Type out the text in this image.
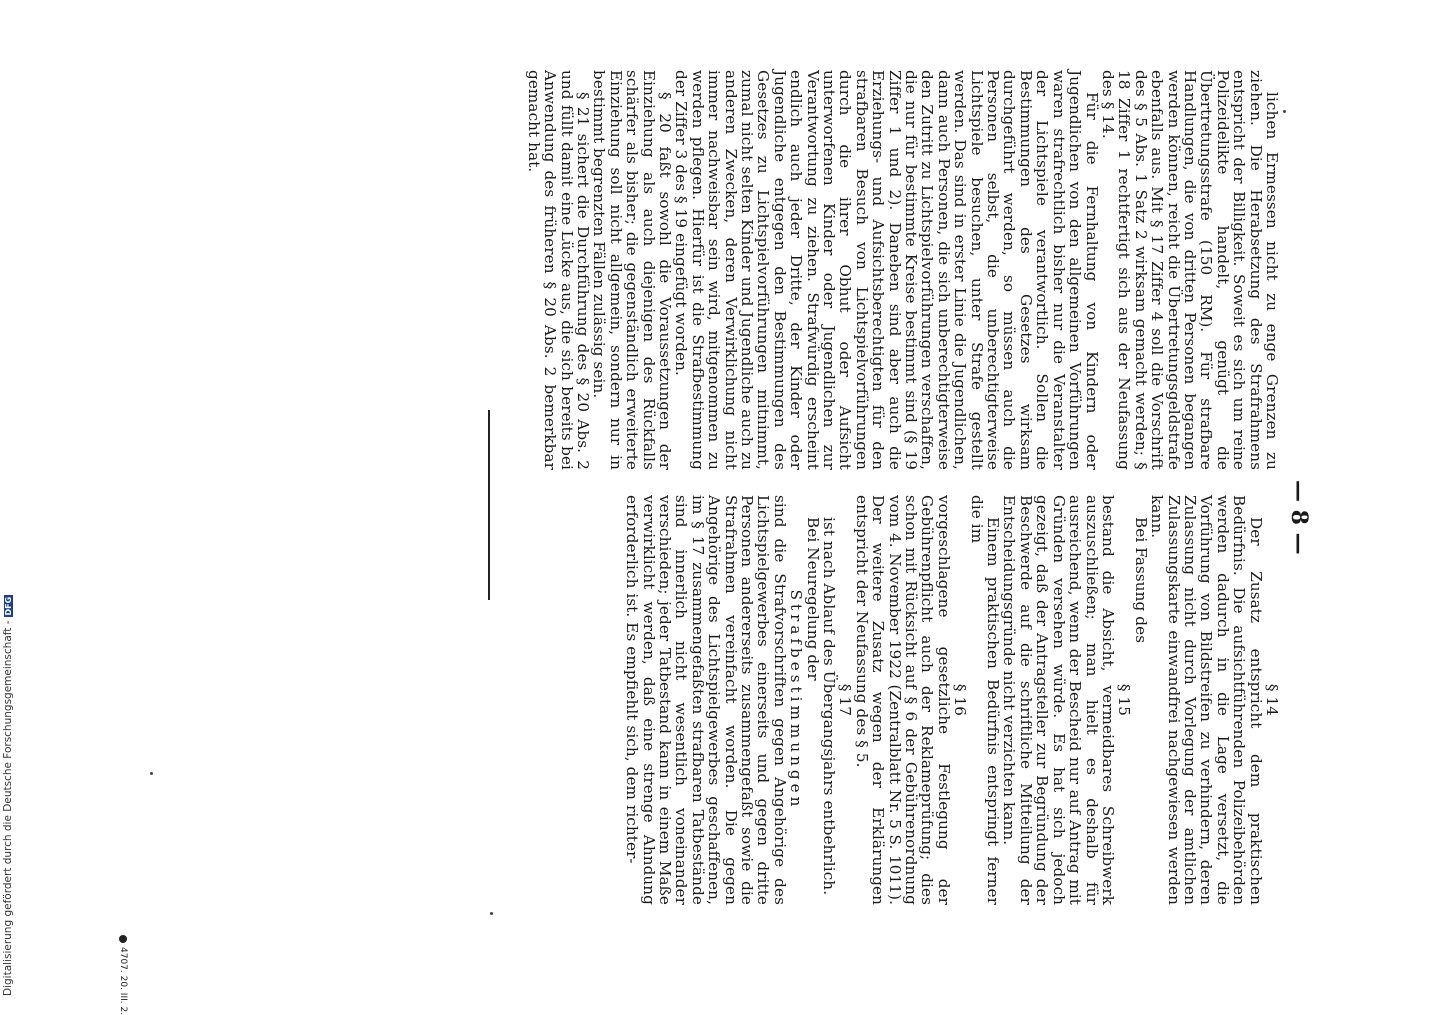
Digitalisierung gefördert durch die Deutsche Forschungsgemeinschaft -DFG
— 8 —

lichen Ermessen nicht zu enge Grenzen zu ziehen. Die Herabsetzung des Strafrahmens entspricht der Billigkeit. Soweit es sich um reine Polizeidelikte handelt, genügt die Übertretungsstrafe (150 RM). Für strafbare Handlungen, die von dritten Personen begangen werden können, reicht die Übertretungsgeldstrafe ebenfalls aus. Mit § 17 Ziffer 4 soll die Vorschrift des § 5 Abs. 1 Satz 2 wirksam gemacht werden; § 18 Ziffer 1 rechtfertigt sich aus der Neufassung des § 14.

Für die Fernhaltung von Kindern oder Jugendlichen von den allgemeinen Vorführungen waren strafrechtlich bisher nur die Veranstalter der Lichtspiele verantwortlich. Sollen die Bestimmungen des Gesetzes wirksam durchgeführt werden, so müssen auch die Personen selbst, die unberechtigterweise Lichtspiele besuchen, unter Strafe gestellt werden. Das sind in erster Linie die Jugendlichen, dann auch Personen, die sich unberechtigterweise den Zutritt zu Lichtspielvorführungen verschaffen, die nur für bestimmte Kreise bestimmt sind (§ 19 Ziffer 1 und 2). Daneben sind aber auch die Erziehungs- und Aufsichtsberechtigten für den strafbaren Besuch von Lichtspielvorführungen durch die ihrer Obhut oder Aufsicht unterworfenen Kinder oder Jugendlichen zur Verantwortung zu ziehen. Strafwürdig erscheint endlich auch jeder Dritte, der Kinder oder Jugendliche entgegen den Bestimmungen des Gesetzes zu Lichtspielvorführungen mitnimmt, zumal nicht selten Kinder und Jugendliche auch zu anderen Zwecken, deren Verwirklichung nicht immer nachweisbar sein wird, mitgenommen zu werden pflegen. Hierfür ist die Strafbestimmung der Ziffer 3 des § 19 eingefügt worden.

§ 20 faßt sowohl die Voraussetzungen der Einziehung als auch diejenigen des Rückfalls schärfer als bisher; die gegenständlich erweiterte Einziehung soll nicht allgemein, sondern nur in bestimmt begrenzten Fällen zulässig sein.

§ 21 sichert die Durchführung des § 20 Abs. 2 und füllt damit eine Lücke aus, die sich bereits bei Anwendung des früheren § 20 Abs. 2 bemerkbar gemacht hat.

§ 14

Der Zusatz entspricht dem praktischen Bedürfnis. Die aufsichtführenden Polizeibehörden werden dadurch in die Lage versetzt, die Vorführung von Bildstreifen zu verhindern, deren Zulassung nicht durch Vorlegung der amtlichen Zulassungskarte einwandfrei nachgewiesen werden kann.

Bei Fassung des

§ 15

bestand die Absicht, vermeidbares Schreibwerk auszuschließen; man hielt es deshalb für ausreichend, wenn der Bescheid nur auf Antrag mit Gründen versehen würde. Es hat sich jedoch gezeigt, daß der Antragsteller zur Begründung der Beschwerde auf die schriftliche Mitteilung der Entscheidungsgründe nicht verzichten kann.

Einem praktischen Bedürfnis entspringt ferner die im

§ 16

vorgeschlagene gesetzliche Festlegung der Gebührenpflicht auch der Reklameprüfung; dies schon mit Rücksicht auf § 6 der Gebührenordnung vom 4. November 1922 (Zentralblatt Nr. 5 S. 1011). Der weitere Zusatz wegen der Erklärungen entspricht der Neufassung des § 5.

§ 17

ist nach Ablauf des Übergangsjahrs entbehrlich.

Bei Neuregelung der

Strafbestimmungen

sind die Strafvorschriften gegen Angehörige des Lichtspielgewerbes einerseits und gegen dritte Personen andererseits zusammengefaßt sowie die Strafrahmen vereinfacht worden. Die gegen Angehörige des Lichtspielgewerbes geschaffenen, im § 17 zusammengefaßten strafbaren Tatbestände sind innerlich nicht wesentlich voneinander verschieden; jeder Tatbestand kann in einem Maße verwirklicht werden, daß eine strenge Ahndung erforderlich ist. Es empfiehlt sich, dem richter-

4707. 20. III. 2.
